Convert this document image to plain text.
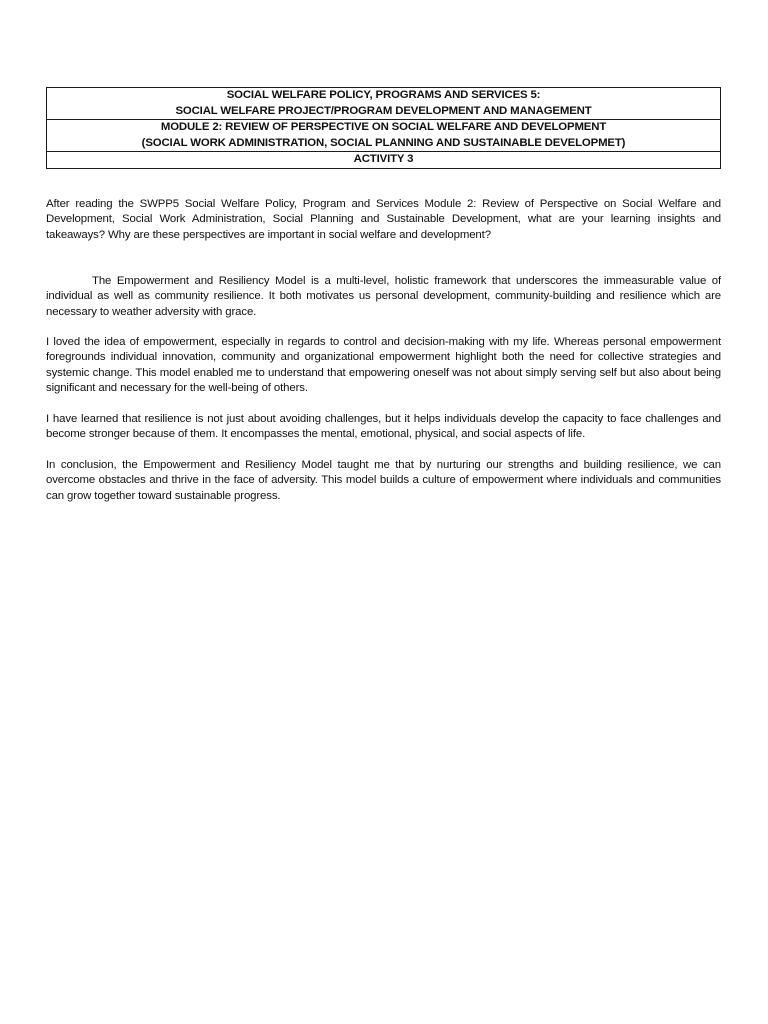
SOCIAL WELFARE POLICY, PROGRAMS AND SERVICES 5:
SOCIAL WELFARE PROJECT/PROGRAM DEVELOPMENT AND MANAGEMENT

MODULE 2: REVIEW OF PERSPECTIVE ON SOCIAL WELFARE AND DEVELOPMENT
(SOCIAL WORK ADMINISTRATION, SOCIAL PLANNING AND SUSTAINABLE DEVELOPMET)

ACTIVITY 3

After reading the SWPP5 Social Welfare Policy, Program and Services Module 2: Review of Perspective on Social Welfare and Development, Social Work Administration, Social Planning and Sustainable Development, what are your learning insights and takeaways? Why are these perspectives are important in social welfare and development?

The Empowerment and Resiliency Model is a multi-level, holistic framework that underscores the immeasurable value of individual as well as community resilience. It both motivates us personal development, community-building and resilience which are necessary to weather adversity with grace.

I loved the idea of empowerment, especially in regards to control and decision-making with my life. Whereas personal empowerment foregrounds individual innovation, community and organizational empowerment highlight both the need for collective strategies and systemic change. This model enabled me to understand that empowering oneself was not about simply serving self but also about being significant and necessary for the well-being of others.

I have learned that resilience is not just about avoiding challenges, but it helps individuals develop the capacity to face challenges and become stronger because of them. It encompasses the mental, emotional, physical, and social aspects of life.

In conclusion, the Empowerment and Resiliency Model taught me that by nurturing our strengths and building resilience, we can overcome obstacles and thrive in the face of adversity. This model builds a culture of empowerment where individuals and communities can grow together toward sustainable progress.
